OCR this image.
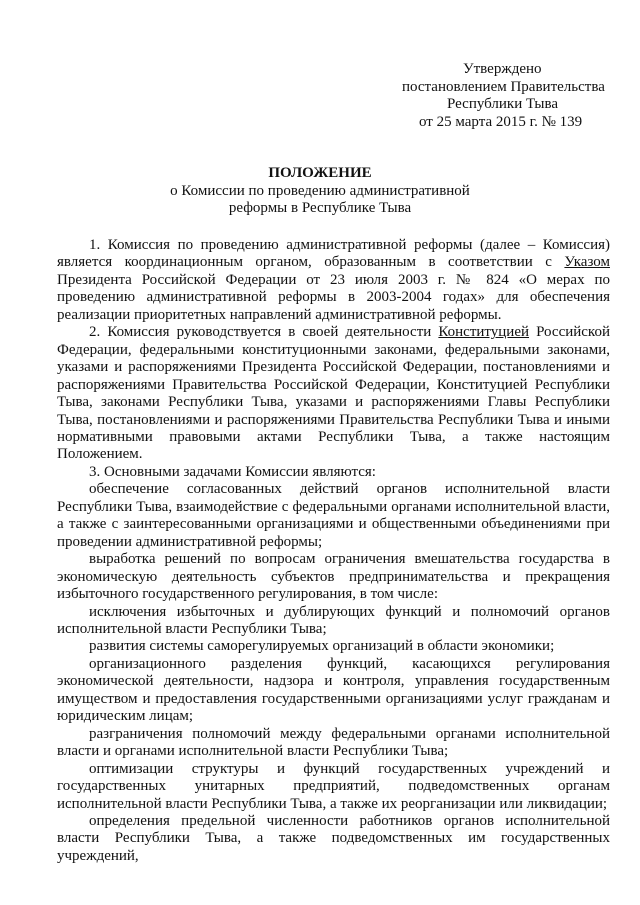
Утверждено
постановлением Правительства
Республики Тыва
от 25 марта 2015 г. № 139
ПОЛОЖЕНИЕ
о Комиссии по проведению административной
реформы в Республике Тыва

1. Комиссия по проведению административной реформы (далее – Комиссия) является координационным органом, образованным в соответствии с Указом Президента Российской Федерации от 23 июля 2003 г. № 824 «О мерах по проведению административной реформы в 2003-2004 годах» для обеспечения реализации приоритетных направлений административной реформы.

2. Комиссия руководствуется в своей деятельности Конституцией Российской Федерации, федеральными конституционными законами, федеральными законами, указами и распоряжениями Президента Российской Федерации, постановлениями и распоряжениями Правительства Российской Федерации, Конституцией Республики Тыва, законами Республики Тыва, указами и распоряжениями Главы Республики Тыва, постановлениями и распоряжениями Правительства Республики Тыва и иными нормативными правовыми актами Республики Тыва, а также настоящим Положением.

3. Основными задачами Комиссии являются:

обеспечение согласованных действий органов исполнительной власти Республики Тыва, взаимодействие с федеральными органами исполнительной власти, а также с заинтересованными организациями и общественными объединениями при проведении административной реформы;

выработка решений по вопросам ограничения вмешательства государства в экономическую деятельность субъектов предпринимательства и прекращения избыточного государственного регулирования, в том числе:

исключения избыточных и дублирующих функций и полномочий органов исполнительной власти Республики Тыва;

развития системы саморегулируемых организаций в области экономики;

организационного разделения функций, касающихся регулирования экономической деятельности, надзора и контроля, управления государственным имуществом и предоставления государственными организациями услуг гражданам и юридическим лицам;

разграничения полномочий между федеральными органами исполнительной власти и органами исполнительной власти Республики Тыва;

оптимизации структуры и функций государственных учреждений и государственных унитарных предприятий, подведомственных органам исполнительной власти Республики Тыва, а также их реорганизации или ликвидации;

определения предельной численности работников органов исполнительной власти Республики Тыва, а также подведомственных им государственных учреждений,
